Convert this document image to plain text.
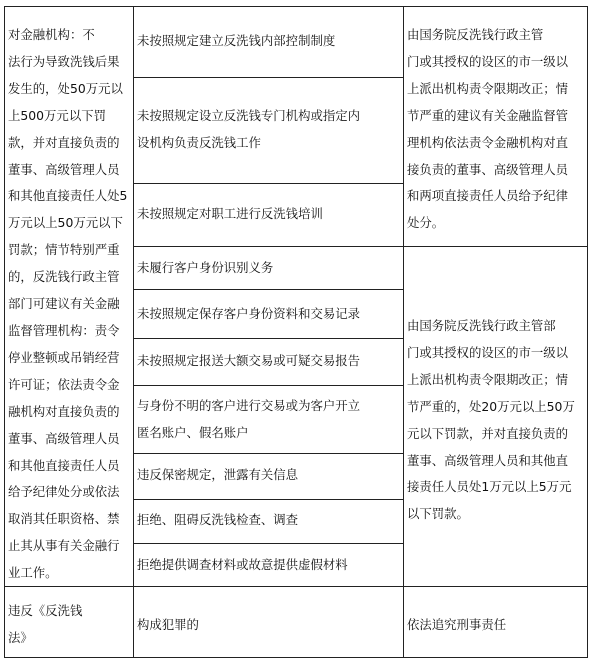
对金融机构：不
法行为导致洗钱后果
发生的，处50万元以
上500万元以下罚
款，并对直接负责的
董事、高级管理人员
和其他直接责任人处5
万元以上50万元以下
罚款；情节特别严重
的，反洗钱行政主管
部门可建议有关金融
监督管理机构：责令
停业整顿或吊销经营
许可证；依法责令金
融机构对直接负责的
董事、高级管理人员
和其他直接责任人员
给予纪律处分或依法
取消其任职资格、禁
止其从事有关金融行
业工作。
未按照规定建立反洗钱内部控制制度
未按照规定设立反洗钱专门机构或指定内
设机构负责反洗钱工作
未按照规定对职工进行反洗钱培训
未履行客户身份识别义务
未按照规定保存客户身份资料和交易记录
未按照规定报送大额交易或可疑交易报告
与身份不明的客户进行交易或为客户开立
匿名账户、假名账户
违反保密规定，泄露有关信息
拒绝、阻碍反洗钱检查、调查
拒绝提供调查材料或故意提供虚假材料
由国务院反洗钱行政主管
门或其授权的设区的市一级以
上派出机构责令限期改正；情
节严重的建议有关金融监督管
理机构依法责令金融机构对直
接负责的董事、高级管理人员
和两项直接责任人员给予纪律
处分。
由国务院反洗钱行政主管部
门或其授权的设区的市一级以
上派出机构责令限期改正；情
节严重的，处20万元以上50万
元以下罚款，并对直接负责的
董事、高级管理人员和其他直
接责任人员处1万元以上5万元
以下罚款。
违反《反洗钱
法》
构成犯罪的	依法追究刑事责任
